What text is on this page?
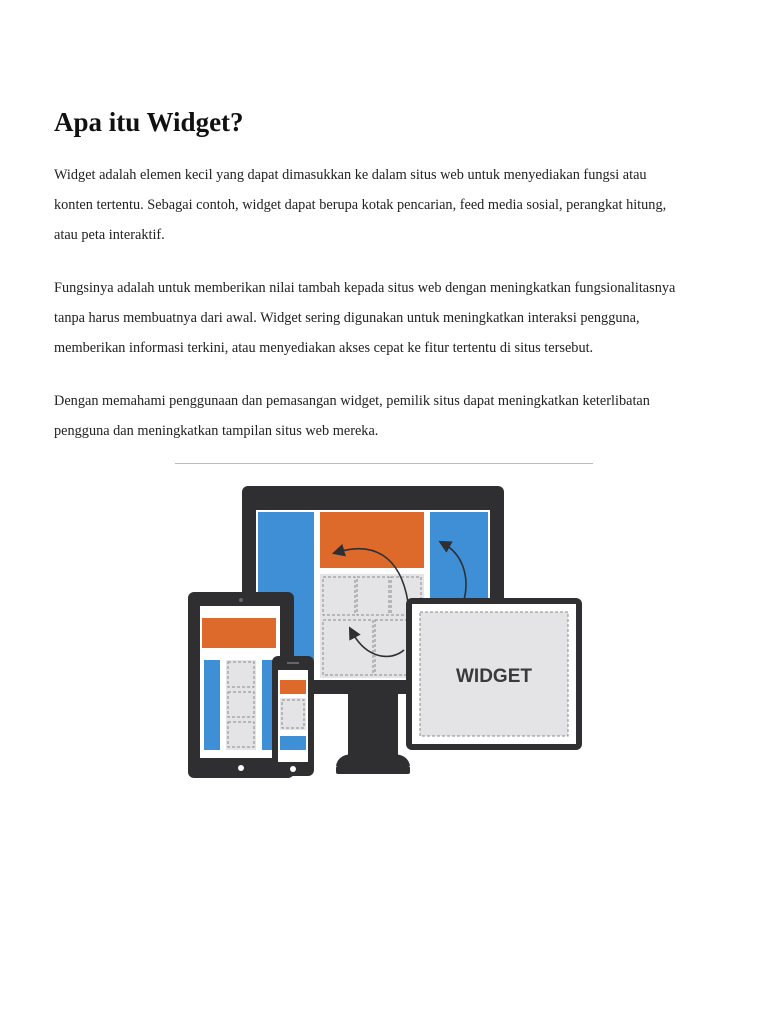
Apa itu Widget?

Widget adalah elemen kecil yang dapat dimasukkan ke dalam situs web untuk menyediakan fungsi atau
konten tertentu. Sebagai contoh, widget dapat berupa kotak pencarian, feed media sosial, perangkat hitung,
atau peta interaktif.

Fungsinya adalah untuk memberikan nilai tambah kepada situs web dengan meningkatkan fungsionalitasnya
tanpa harus membuatnya dari awal. Widget sering digunakan untuk meningkatkan interaksi pengguna,
memberikan informasi terkini, atau menyediakan akses cepat ke fitur tertentu di situs tersebut.

Dengan memahami penggunaan dan pemasangan widget, pemilik situs dapat meningkatkan keterlibatan
pengguna dan meningkatkan tampilan situs web mereka.

WIDGET
